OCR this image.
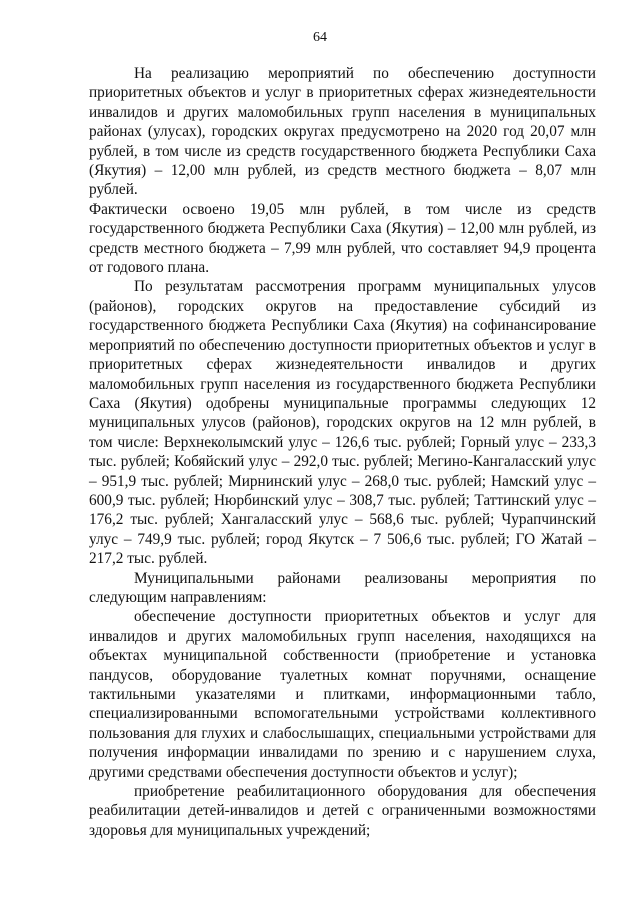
64

На реализацию мероприятий по обеспечению доступности приоритетных объектов и услуг в приоритетных сферах жизнедеятельности инвалидов и других маломобильных групп населения в муниципальных районах (улусах), городских округах предусмотрено на 2020 год 20,07 млн рублей, в том числе из средств государственного бюджета Республики Саха (Якутия) – 12,00 млн рублей, из средств местного бюджета – 8,07 млн рублей.

Фактически освоено 19,05 млн рублей, в том числе из средств государственного бюджета Республики Саха (Якутия) – 12,00 млн рублей, из средств местного бюджета – 7,99 млн рублей, что составляет 94,9 процента от годового плана.

По результатам рассмотрения программ муниципальных улусов (районов), городских округов на предоставление субсидий из государственного бюджета Республики Саха (Якутия) на софинансирование мероприятий по обеспечению доступности приоритетных объектов и услуг в приоритетных сферах жизнедеятельности инвалидов и других маломобильных групп населения из государственного бюджета Республики Саха (Якутия) одобрены муниципальные программы следующих 12 муниципальных улусов (районов), городских округов на 12 млн рублей, в том числе: Верхнеколымский улус – 126,6 тыс. рублей; Горный улус – 233,3 тыс. рублей; Кобяйский улус – 292,0 тыс. рублей; Мегино-Кангаласский улус – 951,9 тыс. рублей; Мирнинский улус – 268,0 тыс. рублей; Намский улус – 600,9 тыс. рублей; Нюрбинский улус – 308,7 тыс. рублей; Таттинский улус – 176,2 тыс. рублей; Хангаласский улус – 568,6 тыс. рублей; Чурапчинский улус – 749,9 тыс. рублей; город Якутск – 7 506,6 тыс. рублей; ГО Жатай – 217,2 тыс. рублей.

Муниципальными районами реализованы мероприятия по следующим направлениям:

обеспечение доступности приоритетных объектов и услуг для инвалидов и других маломобильных групп населения, находящихся на объектах муниципальной собственности (приобретение и установка пандусов, оборудование туалетных комнат поручнями, оснащение тактильными указателями и плитками, информационными табло, специализированными вспомогательными устройствами коллективного пользования для глухих и слабослышащих, специальными устройствами для получения информации инвалидами по зрению и с нарушением слуха, другими средствами обеспечения доступности объектов и услуг);

приобретение реабилитационного оборудования для обеспечения реабилитации детей-инвалидов и детей с ограниченными возможностями здоровья для муниципальных учреждений;
